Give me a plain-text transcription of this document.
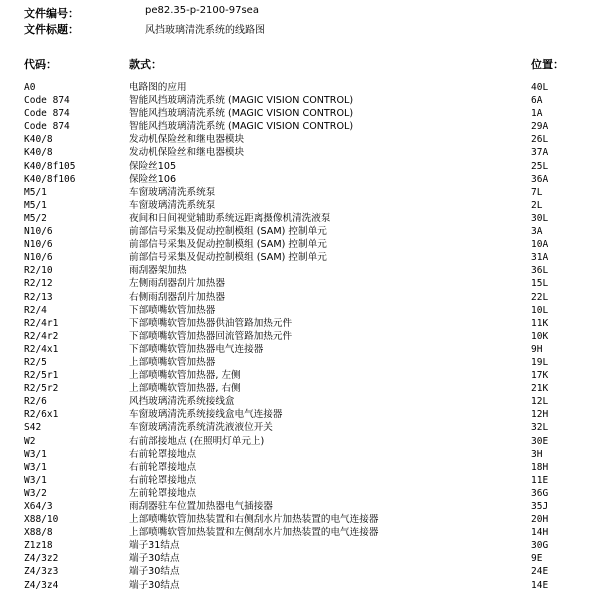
文件编号：	pe82.35-p-2100-97sea
文件标题：	风挡玻璃清洗系统的线路图
代码：	款式：	位置：
A0	电路图的应用	40L
Code 874	智能风挡玻璃清洗系统 (MAGIC VISION CONTROL)	6A
Code 874	智能风挡玻璃清洗系统 (MAGIC VISION CONTROL)	1A
Code 874	智能风挡玻璃清洗系统 (MAGIC VISION CONTROL)	29A
K40/8	发动机保险丝和继电器模块	26L
K40/8	发动机保险丝和继电器模块	37A
K40/8f105	保险丝105	25L
K40/8f106	保险丝106	36A
M5/1	车窗玻璃清洗系统泵	7L
M5/1	车窗玻璃清洗系统泵	2L
M5/2	夜间和日间视觉辅助系统远距离摄像机清洗液泵	30L
N10/6	前部信号采集及促动控制模组 (SAM) 控制单元	3A
N10/6	前部信号采集及促动控制模组 (SAM) 控制单元	10A
N10/6	前部信号采集及促动控制模组 (SAM) 控制单元	31A
R2/10	雨刮器架加热	36L
R2/12	左侧雨刮器刮片加热器	15L
R2/13	右侧雨刮器刮片加热器	22L
R2/4	下部喷嘴软管加热器	10L
R2/4r1	下部喷嘴软管加热器供油管路加热元件	11K
R2/4r2	下部喷嘴软管加热器回流管路加热元件	10K
R2/4x1	下部喷嘴软管加热器电气连接器	9H
R2/5	上部喷嘴软管加热器	19L
R2/5r1	上部喷嘴软管加热器, 左侧	17K
R2/5r2	上部喷嘴软管加热器, 右侧	21K
R2/6	风挡玻璃清洗系统接线盒	12L
R2/6x1	车窗玻璃清洗系统接线盒电气连接器	12H
S42	车窗玻璃清洗系统清洗液液位开关	32L
W2	右前部接地点 (在照明灯单元上)	30E
W3/1	右前轮罩接地点	3H
W3/1	右前轮罩接地点	18H
W3/1	右前轮罩接地点	11E
W3/2	左前轮罩接地点	36G
X64/3	雨刮器驻车位置加热器电气插接器	35J
X88/10	上部喷嘴软管加热装置和右侧刮水片加热装置的电气连接器	20H
X88/8	上部喷嘴软管加热装置和左侧刮水片加热装置的电气连接器	14H
Z1z18	端子31结点	30G
Z4/3z2	端子30结点	9E
Z4/3z3	端子30结点	24E
Z4/3z4	端子30结点	14E
